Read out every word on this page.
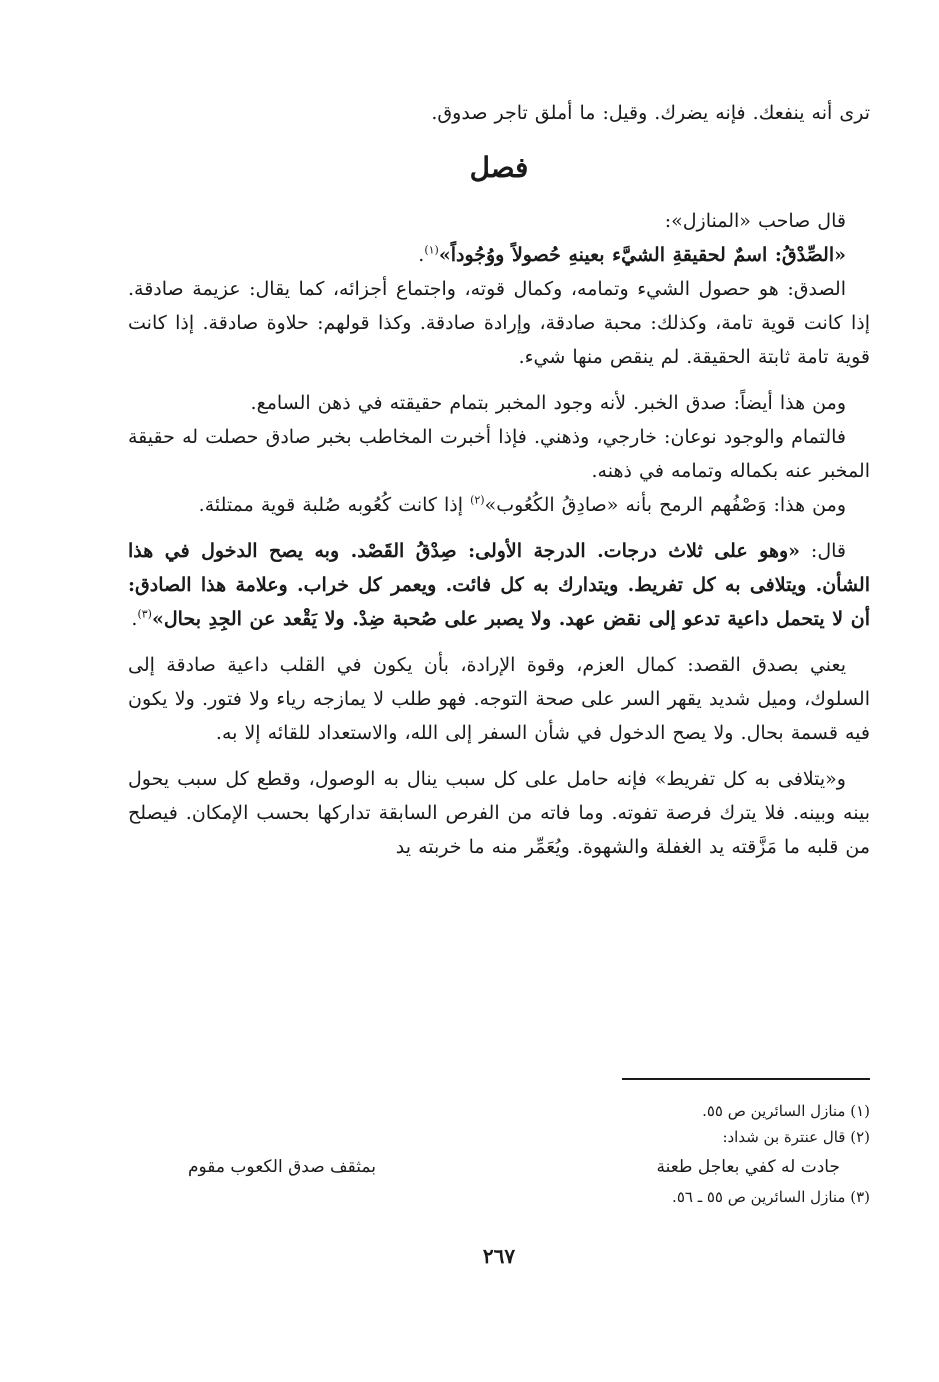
ترى أنه ينفعك. فإنه يضرك. وقيل: ما أملق تاجر صدوق.

فصل

قال صاحب «المنازل»:

«الصِّدْقُ: اسمٌ لحقيقةِ الشيَّء بعينهِ حُصولاً ووُجُوداً»$^{(١)}$.

الصدق: هو حصول الشيء وتمامه، وكمال قوته، واجتماع أجزائه، كما يقال: عزيمة صادقة. إذا كانت قوية تامة، وكذلك: محبة صادقة، وإرادة صادقة. وكذا قولهم: حلاوة صادقة. إذا كانت قوية تامة ثابتة الحقيقة. لم ينقص منها شيء.

ومن هذا أيضاً: صدق الخبر. لأنه وجود المخبر بتمام حقيقته في ذهن السامع.

فالتمام والوجود نوعان: خارجي، وذهني. فإذا أخبرت المخاطب بخبر صادق حصلت له حقيقة المخبر عنه بكماله وتمامه في ذهنه.

ومن هذا: وَصْفُهم الرمح بأنه «صادِقُ الكُعُوب»$^{(٢)}$ إذا كانت كُعُوبه صُلبة قوية ممتلئة.

قال: «وهو على ثلاث درجات. الدرجة الأولى: صِدْقُ القَصْد. وبه يصح الدخول في هذا الشأن. ويتلافى به كل تفريط. ويتدارك به كل فائت. ويعمر كل خراب. وعلامة هذا الصادق: أن لا يتحمل داعية تدعو إلى نقض عهد. ولا يصبر على صُحبة ضِدْ. ولا يَقْعد عن الجِدِ بحال»$^{(٣)}$.

يعني بصدق القصد: كمال العزم، وقوة الإرادة، بأن يكون في القلب داعية صادقة إلى السلوك، وميل شديد يقهر السر على صحة التوجه. فهو طلب لا يمازجه رياء ولا فتور. ولا يكون فيه قسمة بحال. ولا يصح الدخول في شأن السفر إلى الله، والاستعداد للقائه إلا به.

و«يتلافى به كل تفريط» فإنه حامل على كل سبب ينال به الوصول، وقطع كل سبب يحول بينه وبينه. فلا يترك فرصة تفوته. وما فاته من الفرص السابقة تداركها بحسب الإمكان. فيصلح من قلبه ما مَزَّقته يد الغفلة والشهوة. ويُعَمِّر منه ما خربته يد

(١) منازل السائرين ص ٥٥.

(٢) قال عنترة بن شداد:

جادت له كفي بعاجل طعنة
بمثقف صدق الكعوب مقوم

(٣) منازل السائرين ص ٥٥ ـ ٥٦.

٢٦٧
